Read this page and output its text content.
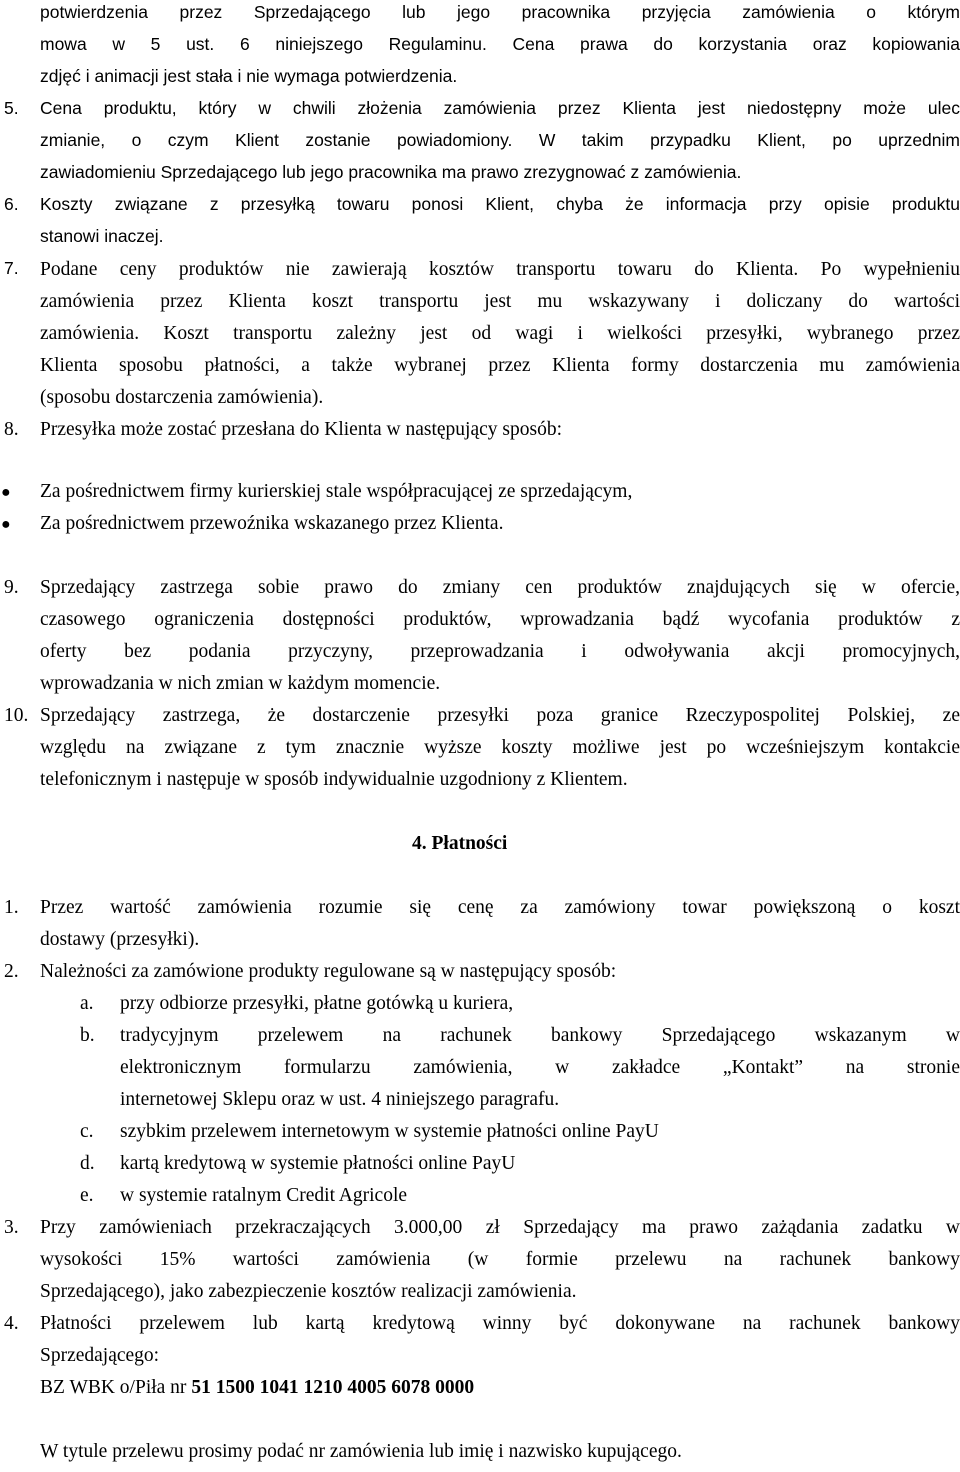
potwierdzenia przez Sprzedającego lub jego pracownika przyjęcia zamówienia o którym
mowa w 5 ust. 6 niniejszego Regulaminu. Cena prawa do korzystania oraz kopiowania
zdjęć i animacji jest stała i nie wymaga potwierdzenia.
5. Cena produktu, który w chwili złożenia zamówienia przez Klienta jest niedostępny może ulec
zmianie, o czym Klient zostanie powiadomiony. W takim przypadku Klient, po uprzednim
zawiadomieniu Sprzedającego lub jego pracownika ma prawo zrezygnować z zamówienia.
6. Koszty związane z przesyłką towaru ponosi Klient, chyba że informacja przy opisie produktu
stanowi inaczej.
7. Podane ceny produktów nie zawierają kosztów transportu towaru do Klienta. Po wypełnieniu
zamówienia przez Klienta koszt transportu jest mu wskazywany i doliczany do wartości
zamówienia. Koszt transportu zależny jest od wagi i wielkości przesyłki, wybranego przez
Klienta sposobu płatności, a także wybranej przez Klienta formy dostarczenia mu zamówienia
(sposobu dostarczenia zamówienia).
8. Przesyłka może zostać przesłana do Klienta w następujący sposób:
● Za pośrednictwem firmy kurierskiej stale współpracującej ze sprzedającym,
● Za pośrednictwem przewoźnika wskazanego przez Klienta.
9. Sprzedający zastrzega sobie prawo do zmiany cen produktów znajdujących się w ofercie,
czasowego ograniczenia dostępności produktów, wprowadzania bądź wycofania produktów z
oferty bez podania przyczyny, przeprowadzania i odwoływania akcji promocyjnych,
wprowadzania w nich zmian w każdym momencie.
10. Sprzedający zastrzega, że dostarczenie przesyłki poza granice Rzeczypospolitej Polskiej, ze
względu na związane z tym znacznie wyższe koszty możliwe jest po wcześniejszym kontakcie
telefonicznym i następuje w sposób indywidualnie uzgodniony z Klientem.
4. Płatności
1. Przez wartość zamówienia rozumie się cenę za zamówiony towar powiększoną o koszt
dostawy (przesyłki).
2. Należności za zamówione produkty regulowane są w następujący sposób:
a. przy odbiorze przesyłki, płatne gotówką u kuriera,
b. tradycyjnym przelewem na rachunek bankowy Sprzedającego wskazanym w
elektronicznym formularzu zamówienia, w zakładce „Kontakt” na stronie
internetowej Sklepu oraz w ust. 4 niniejszego paragrafu.
c. szybkim przelewem internetowym w systemie płatności online PayU
d. kartą kredytową w systemie płatności online PayU
e. w systemie ratalnym Credit Agricole
3. Przy zamówieniach przekraczających 3.000,00 zł Sprzedający ma prawo zażądania zadatku w
wysokości 15% wartości zamówienia (w formie przelewu na rachunek bankowy
Sprzedającego), jako zabezpieczenie kosztów realizacji zamówienia.
4. Płatności przelewem lub kartą kredytową winny być dokonywane na rachunek bankowy
Sprzedającego:
BZ WBK o/Piła nr 51 1500 1041 1210 4005 6078 0000
W tytule przelewu prosimy podać nr zamówienia lub imię i nazwisko kupującego.
